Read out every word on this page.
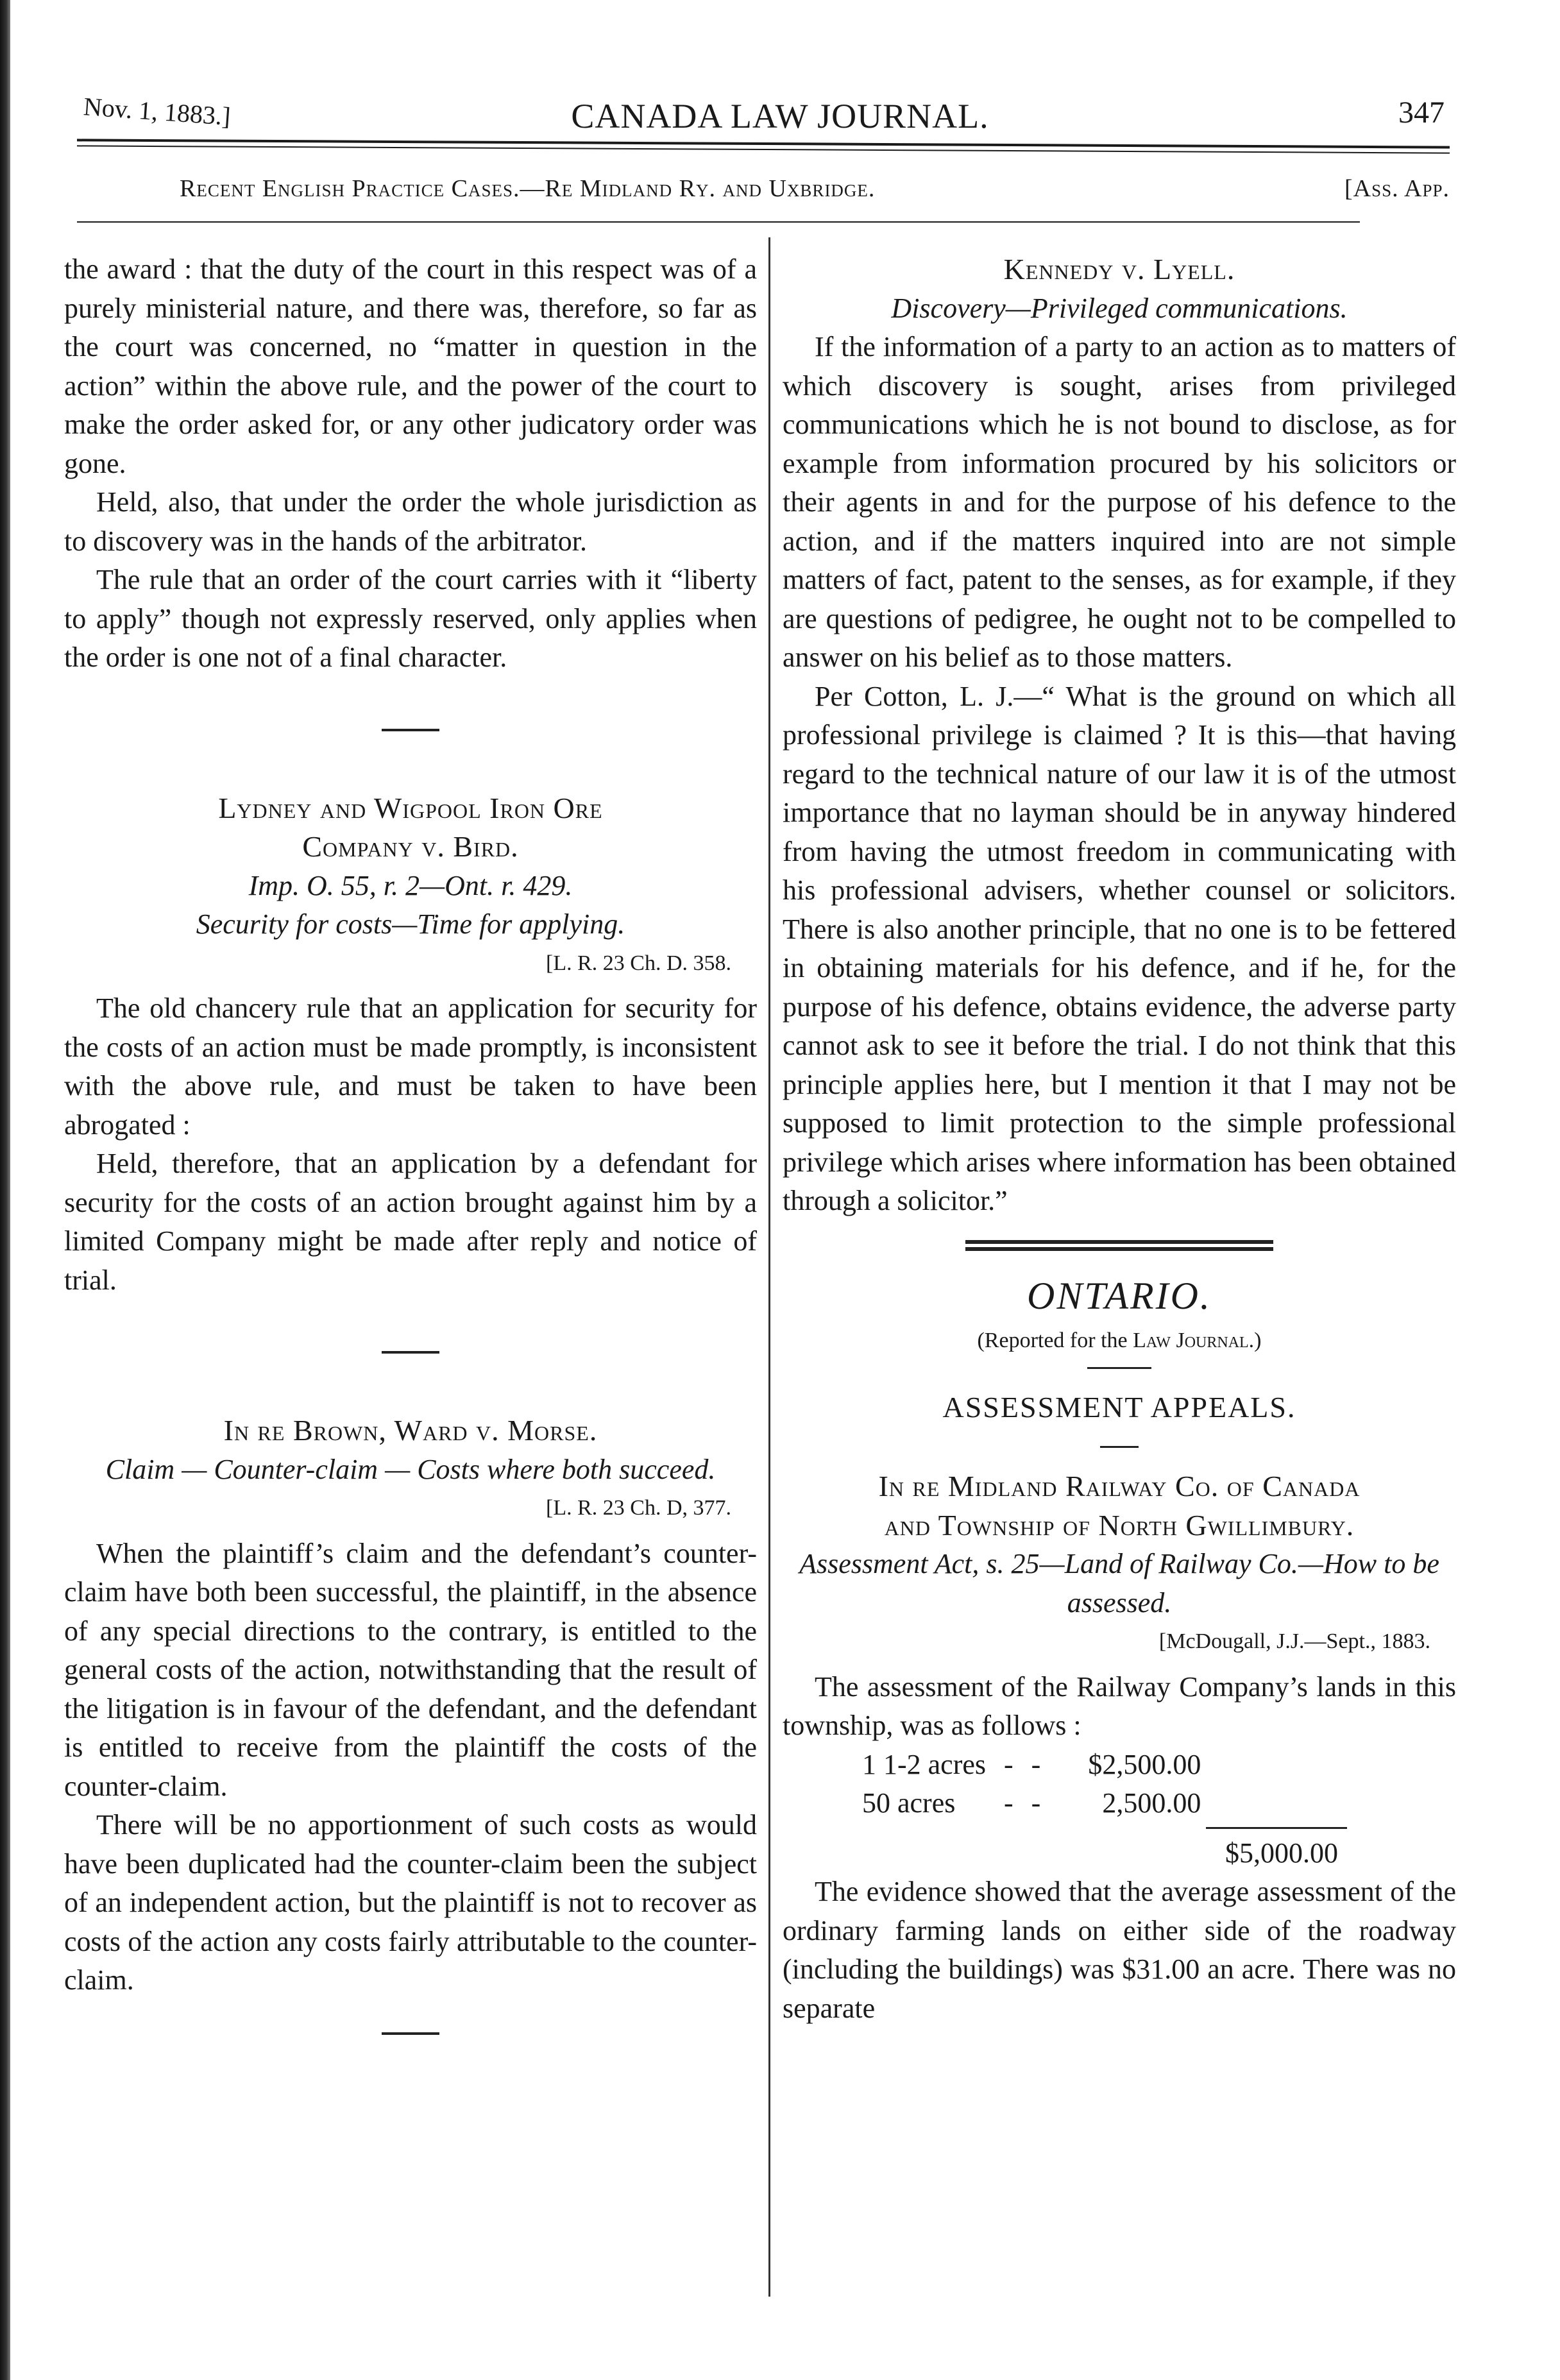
Nov. 1, 1883.]	CANADA LAW JOURNAL.	347
Recent English Practice Cases.—Re Midland Ry. and Uxbridge.	[Ass. App.

the award : that the duty of the court in this respect was of a purely ministerial nature, and there was, therefore, so far as the court was concerned, no “matter in question in the action” within the above rule, and the power of the court to make the order asked for, or any other judicatory order was gone.

Held, also, that under the order the whole jurisdiction as to discovery was in the hands of the arbitrator.

The rule that an order of the court carries with it “liberty to apply” though not expressly reserved, only applies when the order is one not of a final character.

Lydney and Wigpool Iron Ore

Company v. Bird.

Imp. O. 55, r. 2—Ont. r. 429.

Security for costs—Time for applying.

[L. R. 23 Ch. D. 358.

The old chancery rule that an application for security for the costs of an action must be made promptly, is inconsistent with the above rule, and must be taken to have been abrogated :

Held, therefore, that an application by a defendant for security for the costs of an action brought against him by a limited Company might be made after reply and notice of trial.

In re Brown, Ward v. Morse.

Claim — Counter-claim — Costs where both succeed.

[L. R. 23 Ch. D, 377.

When the plaintiff’s claim and the defendant’s counter-claim have both been successful, the plaintiff, in the absence of any special directions to the contrary, is entitled to the general costs of the action, notwithstanding that the result of the litigation is in favour of the defendant, and the defendant is entitled to receive from the plaintiff the costs of the counter-claim.

There will be no apportionment of such costs as would have been duplicated had the counter-claim been the subject of an independent action, but the plaintiff is not to recover as costs of the action any costs fairly attributable to the counter-claim.

Kennedy v. Lyell.

Discovery—Privileged communications.

If the information of a party to an action as to matters of which discovery is sought, arises from privileged communications which he is not bound to disclose, as for example from information procured by his solicitors or their agents in and for the purpose of his defence to the action, and if the matters inquired into are not simple matters of fact, patent to the senses, as for example, if they are questions of pedigree, he ought not to be compelled to answer on his belief as to those matters.

Per Cotton, L. J.—“ What is the ground on which all professional privilege is claimed ? It is this—that having regard to the technical nature of our law it is of the utmost importance that no layman should be in anyway hindered from having the utmost freedom in communicating with his professional advisers, whether counsel or solicitors. There is also another principle, that no one is to be fettered in obtaining materials for his defence, and if he, for the purpose of his defence, obtains evidence, the adverse party cannot ask to see it before the trial. I do not think that this principle applies here, but I mention it that I may not be supposed to limit protection to the simple professional privilege which arises where information has been obtained through a solicitor.”

ONTARIO.

(Reported for the Law Journal.)

ASSESSMENT APPEALS.

In re Midland Railway Co. of Canada

and Township of North Gwillimbury.

Assessment Act, s. 25—Land of Railway Co.—How to be assessed.

[McDougall, J.J.—Sept., 1883.

The assessment of the Railway Company’s lands in this township, was as follows :

1 1-2 acres	-	-	$2,500.00
50 acres	-	-	2,500.00

$5,000.00

The evidence showed that the average assessment of the ordinary farming lands on either side of the roadway (including the buildings) was $31.00 an acre. There was no separate
